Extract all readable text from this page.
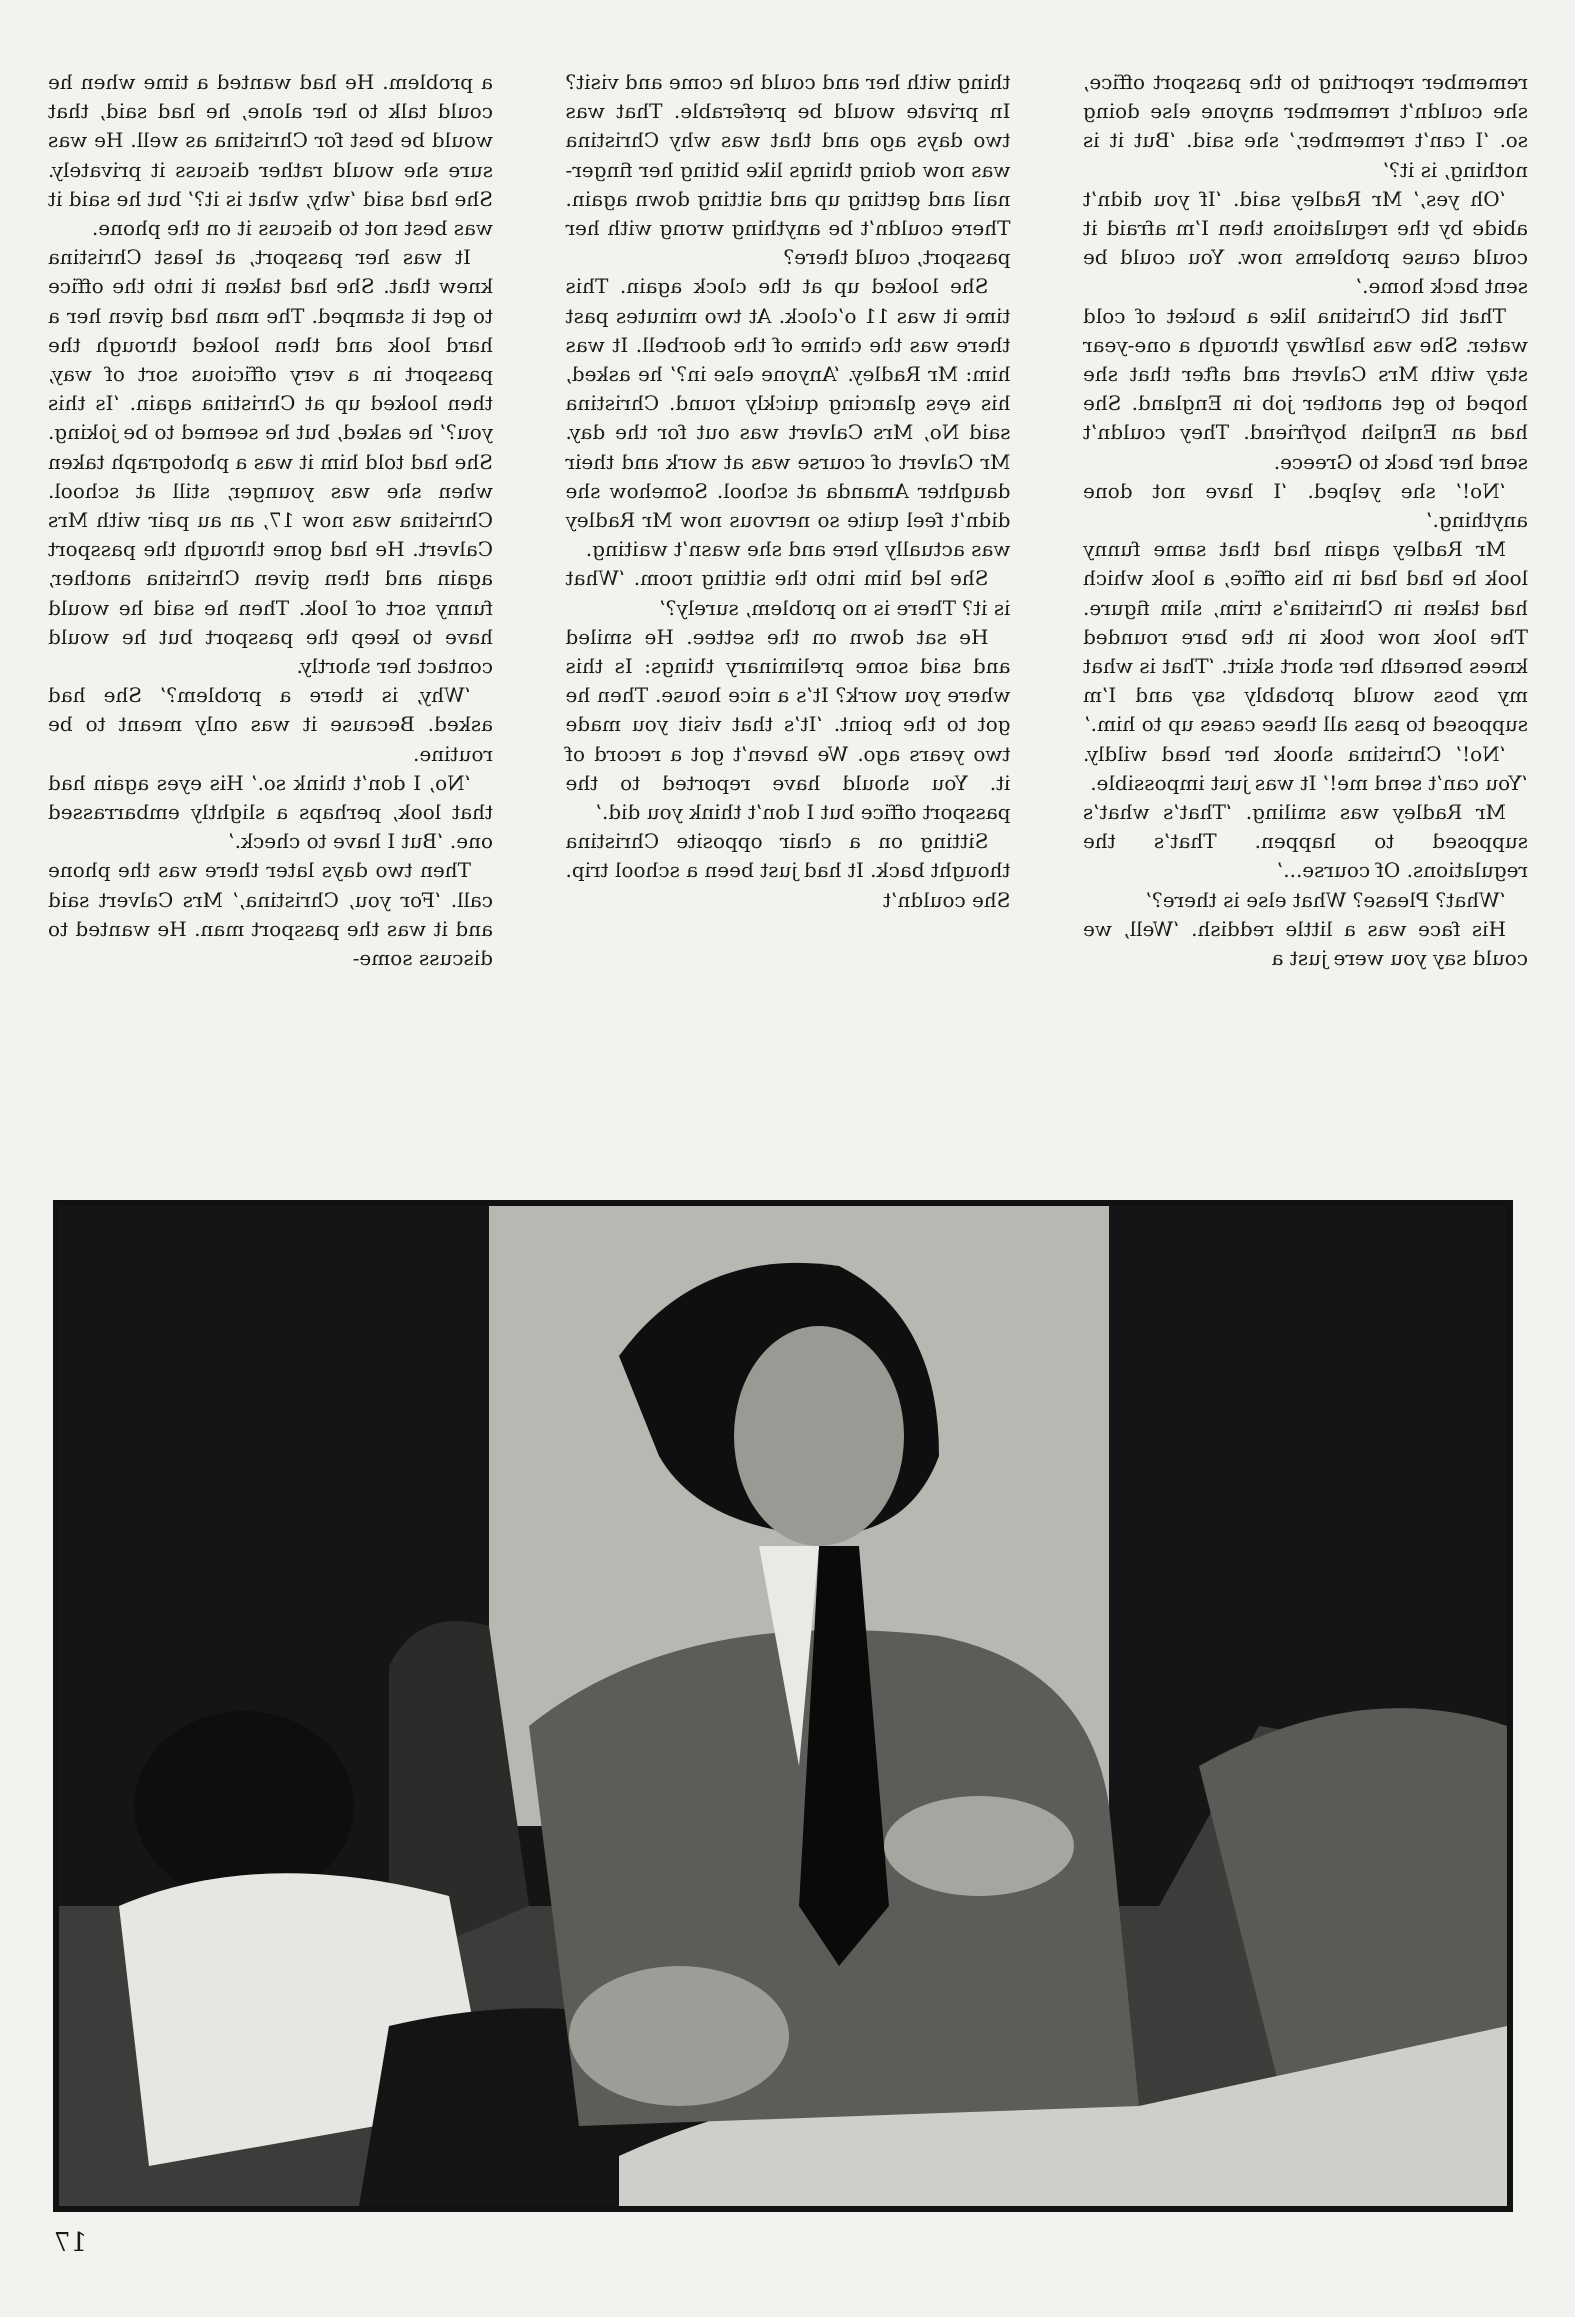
a problem. He had wanted a time when he could talk to her alone, he had said, that would be best for Christina as well. He was sure she would rather discuss it privately. She had said ‘why, what is it?’ but he said it was best not to discuss it on the phone.

It was her passport, at least Christina knew that. She had taken it into the office to get it stamped. The man had given her a hard look and then looked through the passport in a very officious sort of way, then looked up at Christina again. ‘Is this you?’ he asked, but he seemed to be joking. She had told him it was a photograph taken when she was younger, still at school. Christina was now 17, an au pair with Mrs Calvert. He had gone through the passport again and then given Christina another, funny sort of look. Then he said he would have to keep the passport but he would contact her shortly.

‘Why, is there a problem?’ She had asked. Because it was only meant to be routine.

‘No, I don’t think so.’ His eyes again had that look, perhaps a slightly embarrassed one. ‘But I have to check.’

Then two days later there was the phone call. ‘For you, Christina,’ Mrs Calvert said and it was the passport man. He wanted to discuss some-

thing with her and could he come and visit? In private would be preferable. That was two days ago and that was why Christina was now doing things like biting her finger-nail and getting up and sitting down again. There couldn’t be anything wrong with her passport, could there?

She looked up at the clock again. This time it was 11 o’clock. At two minutes past there was the chime of the doorbell. It was him: Mr Radley. ‘Anyone else in?’ he asked, his eyes glancing quickly round. Christina said No, Mrs Calvert was out for the day. Mr Calvert of course was at work and their daughter Amanda at school. Somehow she didn’t feel quite so nervous now Mr Radley was actually here and she wasn’t waiting.

She led him into the sitting room. ‘What is it? There is no problem, surely?’

He sat down on the settee. He smiled and said some preliminary things: Is this where you work? It’s a nice house. Then he got to the point. ‘It’s that visit you made two years ago. We haven’t got a record of it. You should have reported to the passport office but I don’t think you did.’

Sitting on a chair opposite Christina thought back. It had just been a school trip. She couldn’t

remember reporting to the passport office, she couldn’t remember anyone else doing so. ‘I can’t remember,’ she said. ‘But it is nothing, is it?’

‘Oh yes,’ Mr Radley said. ‘If you didn’t abide by the regulations then I’m afraid it could cause problems now. You could be sent back home.’

That hit Christina like a bucket of cold water. She was halfway through a one-year stay with Mrs Calvert and after that she hoped to get another job in England. She had an English boyfriend. They couldn’t send her back to Greece.

‘No!’ she yelped. ‘I have not done anything.’

Mr Radley again had that same funny look he had had in his office, a look which had taken in Christina’s trim, slim figure. The look now took in the bare rounded knees beneath her short skirt. ‘That is what my boss would probably say and I’m supposed to pass all these cases up to him.’

‘No!’ Christina shook her head wildly. ‘You can’t send me!’ It was just impossible.

Mr Radley was smiling. ‘That’s what’s supposed to happen. That’s the regulations. Of course...’

‘What? Please? What else is there?’

His face was a little reddish. ‘Well, we could say you were just a

17
